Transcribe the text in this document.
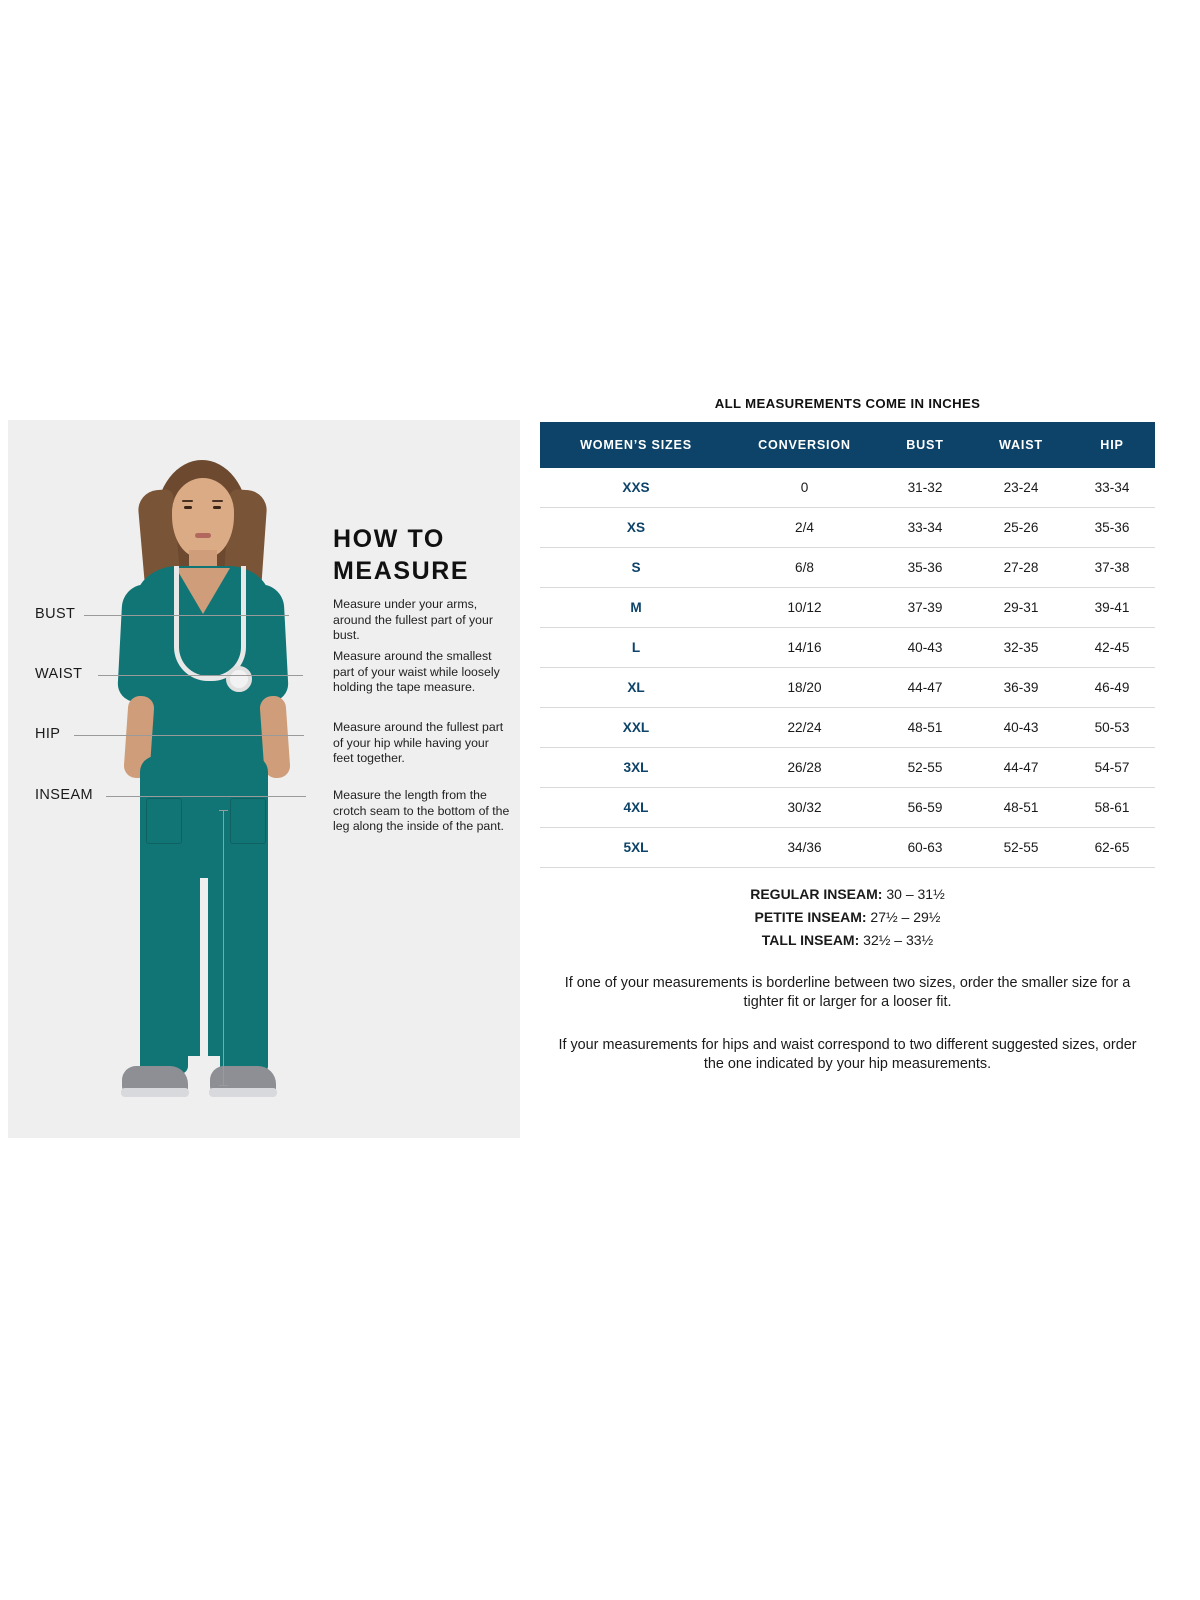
BUST
WAIST
HIP
INSEAM
HOW TO
MEASURE
Measure under your arms, around the fullest part of your bust.
Measure around the smallest part of your waist while loosely holding the tape measure.
Measure around the fullest part of your hip while having your feet together.
Measure the length from the crotch seam to the bottom of the leg along the inside of the pant.
ALL MEASUREMENTS COME IN INCHES
WOMEN’S SIZES	CONVERSION	BUST	WAIST	HIP
XXS	0	31-32	23-24	33-34
XS	2/4	33-34	25-26	35-36
S	6/8	35-36	27-28	37-38
M	10/12	37-39	29-31	39-41
L	14/16	40-43	32-35	42-45
XL	18/20	44-47	36-39	46-49
XXL	22/24	48-51	40-43	50-53
3XL	26/28	52-55	44-47	54-57
4XL	30/32	56-59	48-51	58-61
5XL	34/36	60-63	52-55	62-65
REGULAR INSEAM: 30 – 31½
PETITE INSEAM: 27½ – 29½
TALL INSEAM: 32½ – 33½
If one of your measurements is borderline between two sizes, order the smaller size for a tighter fit or larger for a looser fit.
If your measurements for hips and waist correspond to two different suggested sizes, order the one indicated by your hip measurements.
